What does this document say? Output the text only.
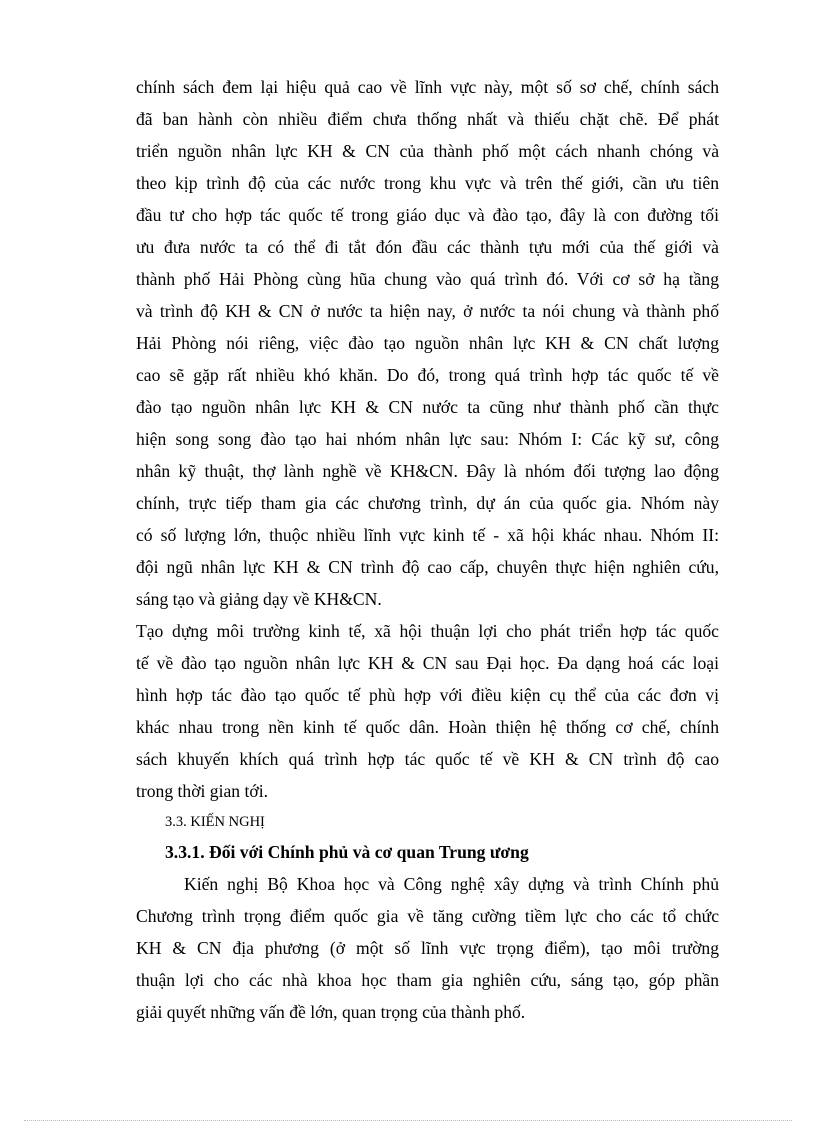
chính sách đem lại hiệu quả cao về lĩnh vực này, một số sơ chế, chính sách
đã ban hành còn nhiều điểm chưa thống nhất và thiếu chặt chẽ. Để phát
triển nguồn nhân lực KH & CN của thành phố một cách nhanh chóng và
theo kịp trình độ của các nước trong khu vực và trên thế giới, cần ưu tiên
đầu tư cho hợp tác quốc tế trong giáo dục và đào tạo, đây là con đường tối
ưu đưa nước ta có thể đi tắt đón đầu các thành tựu mới của thế giới và
thành phố Hải Phòng cùng hũa chung vào quá trình đó. Với cơ sở hạ tầng
và trình độ KH & CN ở nước ta hiện nay, ở nước ta nói chung và thành phố
Hải Phòng nói riêng, việc đào tạo nguồn nhân lực KH & CN chất lượng
cao sẽ gặp rất nhiều khó khăn. Do đó, trong quá trình hợp tác quốc tế về
đào tạo nguồn nhân lực KH & CN nước ta cũng như thành phố cần thực
hiện song song đào tạo hai nhóm nhân lực sau: Nhóm I: Các kỹ sư, công
nhân kỹ thuật, thợ lành nghề về KH&CN. Đây là nhóm đối tượng lao động
chính, trực tiếp tham gia các chương trình, dự án của quốc gia. Nhóm này
có số lượng lớn, thuộc nhiều lĩnh vực kinh tế - xã hội khác nhau. Nhóm II:
đội ngũ nhân lực KH & CN trình độ cao cấp, chuyên thực hiện nghiên cứu,
sáng tạo và giảng dạy về KH&CN.
Tạo dựng môi trường kinh tế, xã hội thuận lợi cho phát triển hợp tác quốc
tế về đào tạo nguồn nhân lực KH & CN sau Đại học. Đa dạng hoá các loại
hình hợp tác đào tạo quốc tế phù hợp với điều kiện cụ thể của các đơn vị
khác nhau trong nền kinh tế quốc dân. Hoàn thiện hệ thống cơ chế, chính
sách khuyến khích quá trình hợp tác quốc tế về KH & CN trình độ cao
trong thời gian tới.
3.3. KIẾN NGHỊ
3.3.1. Đối với Chính phủ và cơ quan Trung ương
Kiến nghị Bộ Khoa học và Công nghệ xây dựng và trình Chính phủ
Chương trình trọng điểm quốc gia về tăng cường tiềm lực cho các tổ chức
KH & CN địa phương (ở một số lĩnh vực trọng điểm), tạo môi trường
thuận lợi cho các nhà khoa học tham gia nghiên cứu, sáng tạo, góp phần
giải quyết những vấn đề lớn, quan trọng của thành phố.
